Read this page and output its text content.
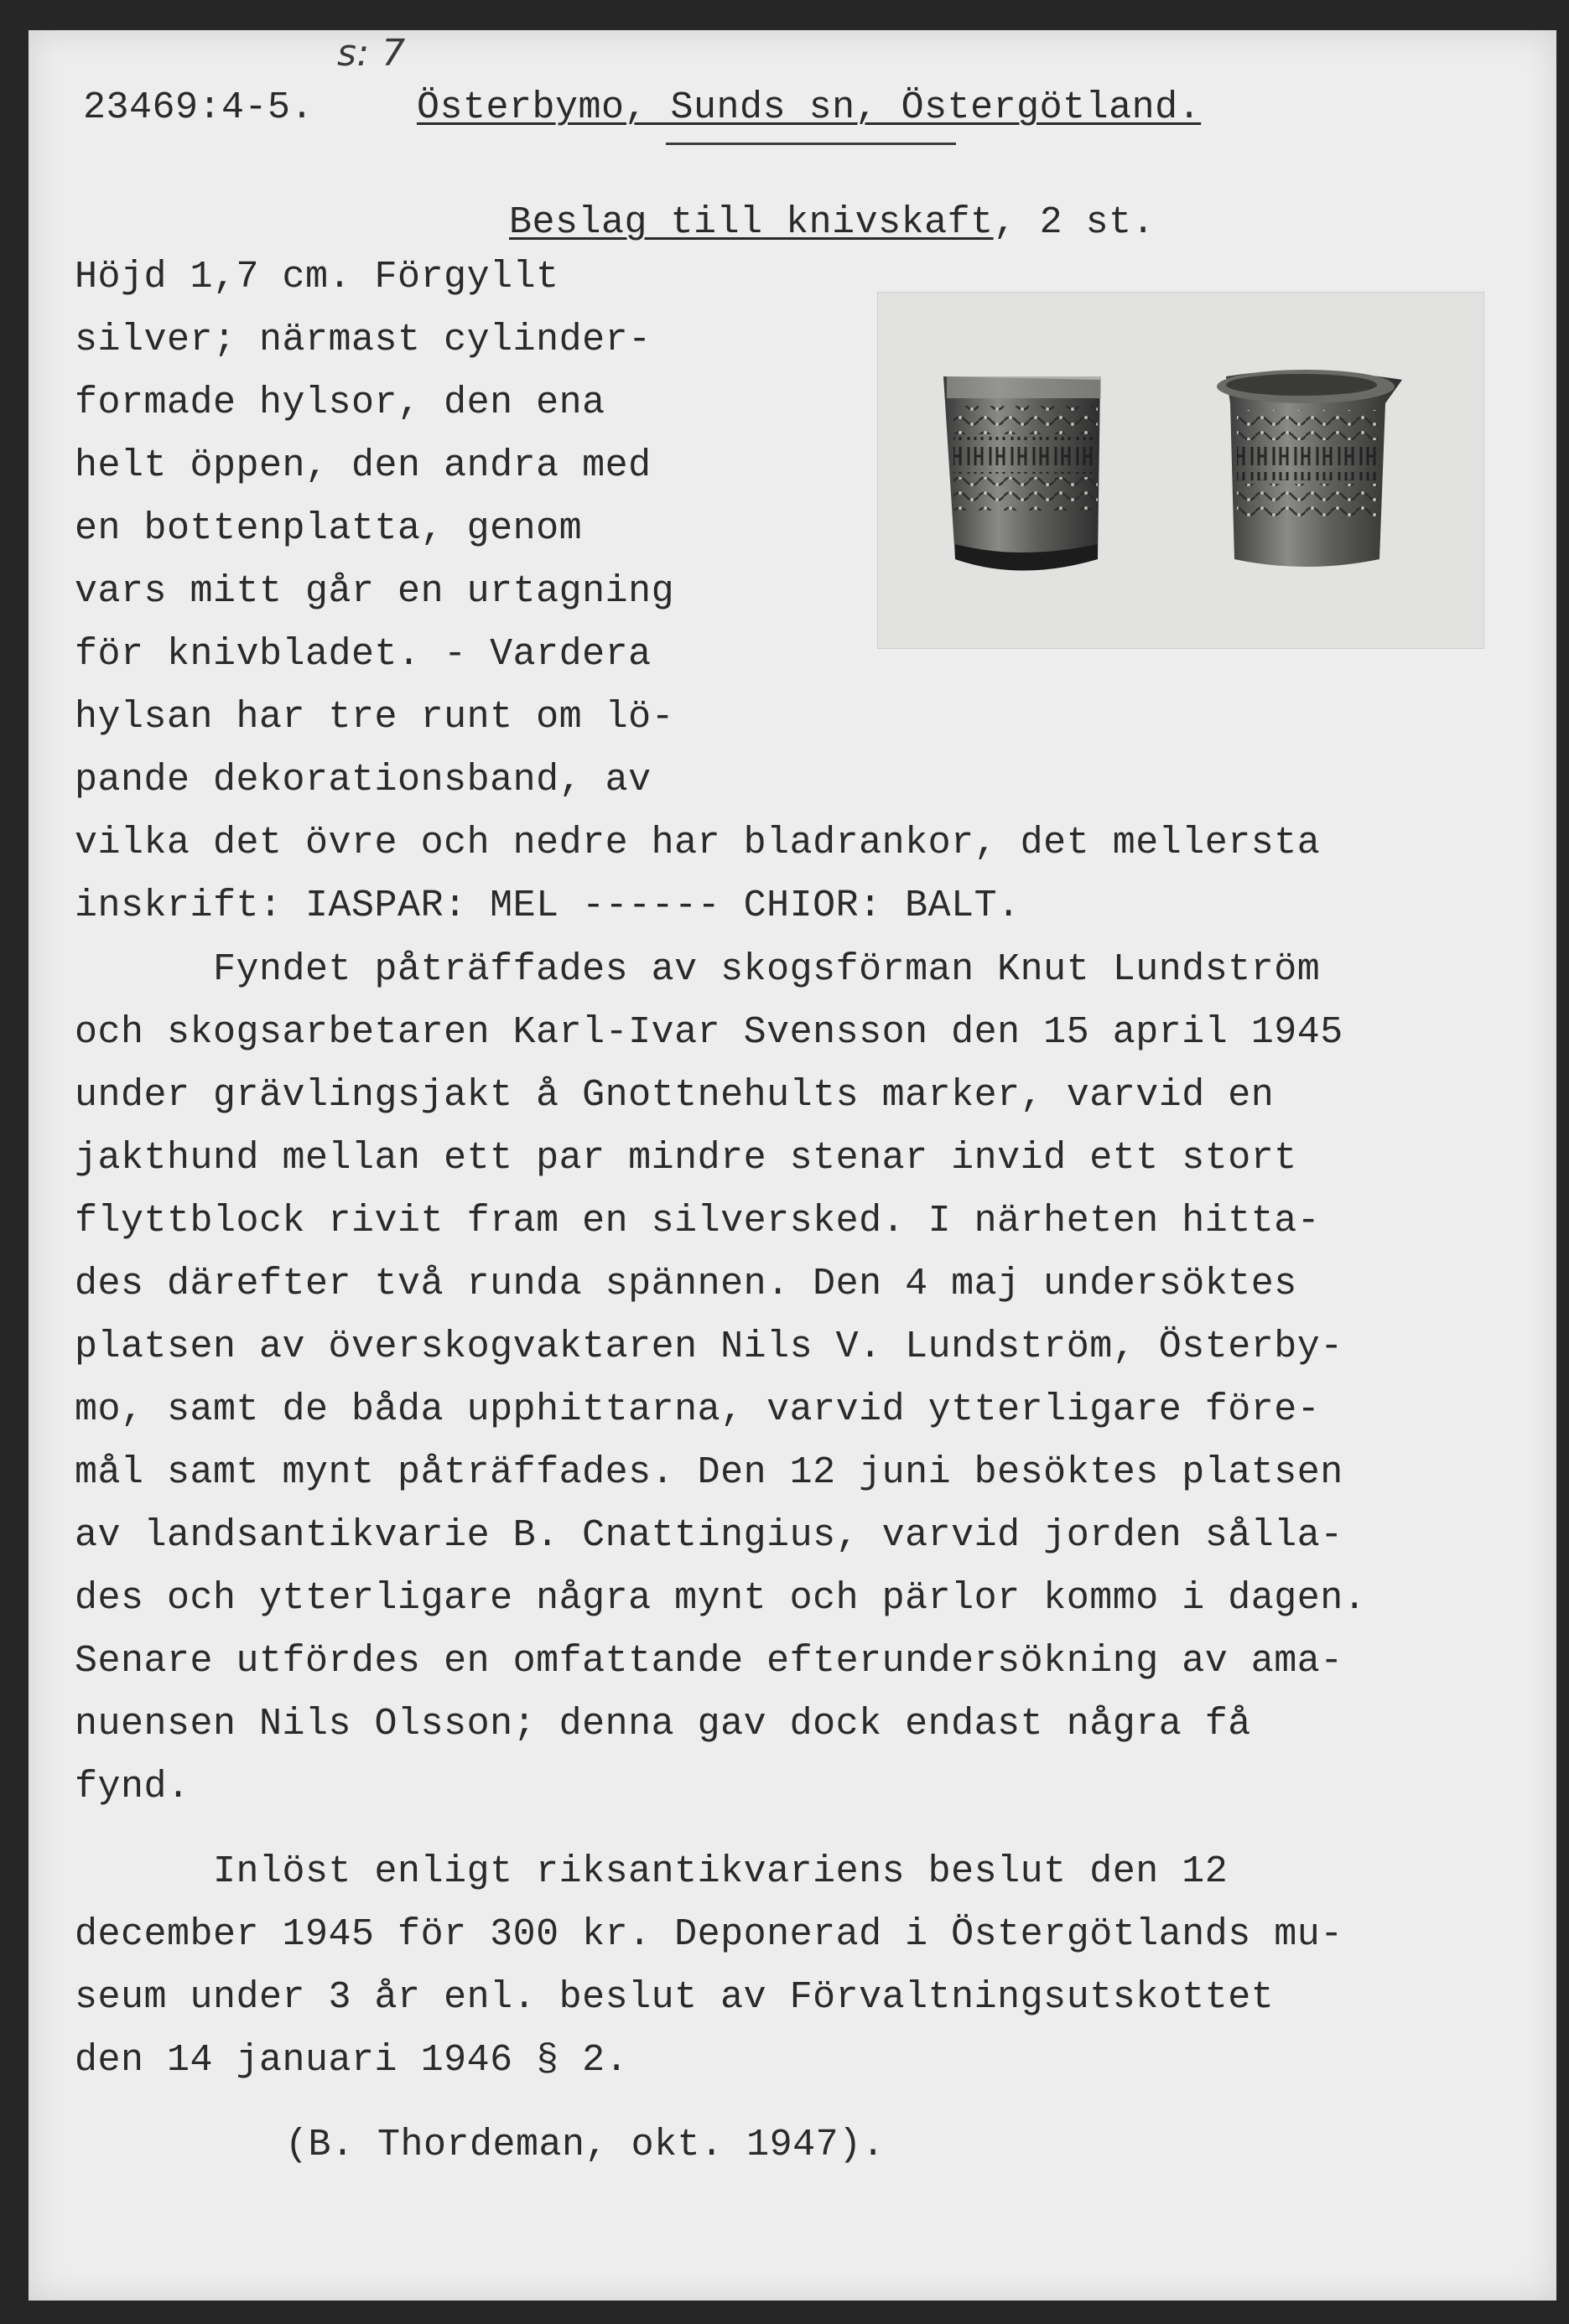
23469:4-5.
s: 7
Österbymo, Sunds sn, Östergötland.

Beslag till knivskaft, 2 st.

Höjd 1,7 cm. Förgyllt
silver; närmast cylinder-
formade hylsor, den ena
helt öppen, den andra med
en bottenplatta, genom
vars mitt går en urtagning
för knivbladet. - Vardera
hylsan har tre runt om lö-
pande dekorationsband, av
vilka det övre och nedre har bladrankor, det mellersta
inskrift: IASPAR: MEL ------ CHIOR: BALT.
Fyndet påträffades av skogsförman Knut Lundström
och skogsarbetaren Karl-Ivar Svensson den 15 april 1945
under grävlingsjakt å Gnottnehults marker, varvid en
jakthund mellan ett par mindre stenar invid ett stort
flyttblock rivit fram en silversked. I närheten hitta-
des därefter två runda spännen. Den 4 maj undersöktes
platsen av överskogvaktaren Nils V. Lundström, Österby-
mo, samt de båda upphittarna, varvid ytterligare före-
mål samt mynt påträffades. Den 12 juni besöktes platsen
av landsantikvarie B. Cnattingius, varvid jorden sålla-
des och ytterligare några mynt och pärlor kommo i dagen.
Senare utfördes en omfattande efterundersökning av ama-
nuensen Nils Olsson; denna gav dock endast några få
fynd.
Inlöst enligt riksantikvariens beslut den 12
december 1945 för 300 kr. Deponerad i Östergötlands mu-
seum under 3 år enl. beslut av Förvaltningsutskottet
den 14 januari 1946 § 2.
(B. Thordeman, okt. 1947).
